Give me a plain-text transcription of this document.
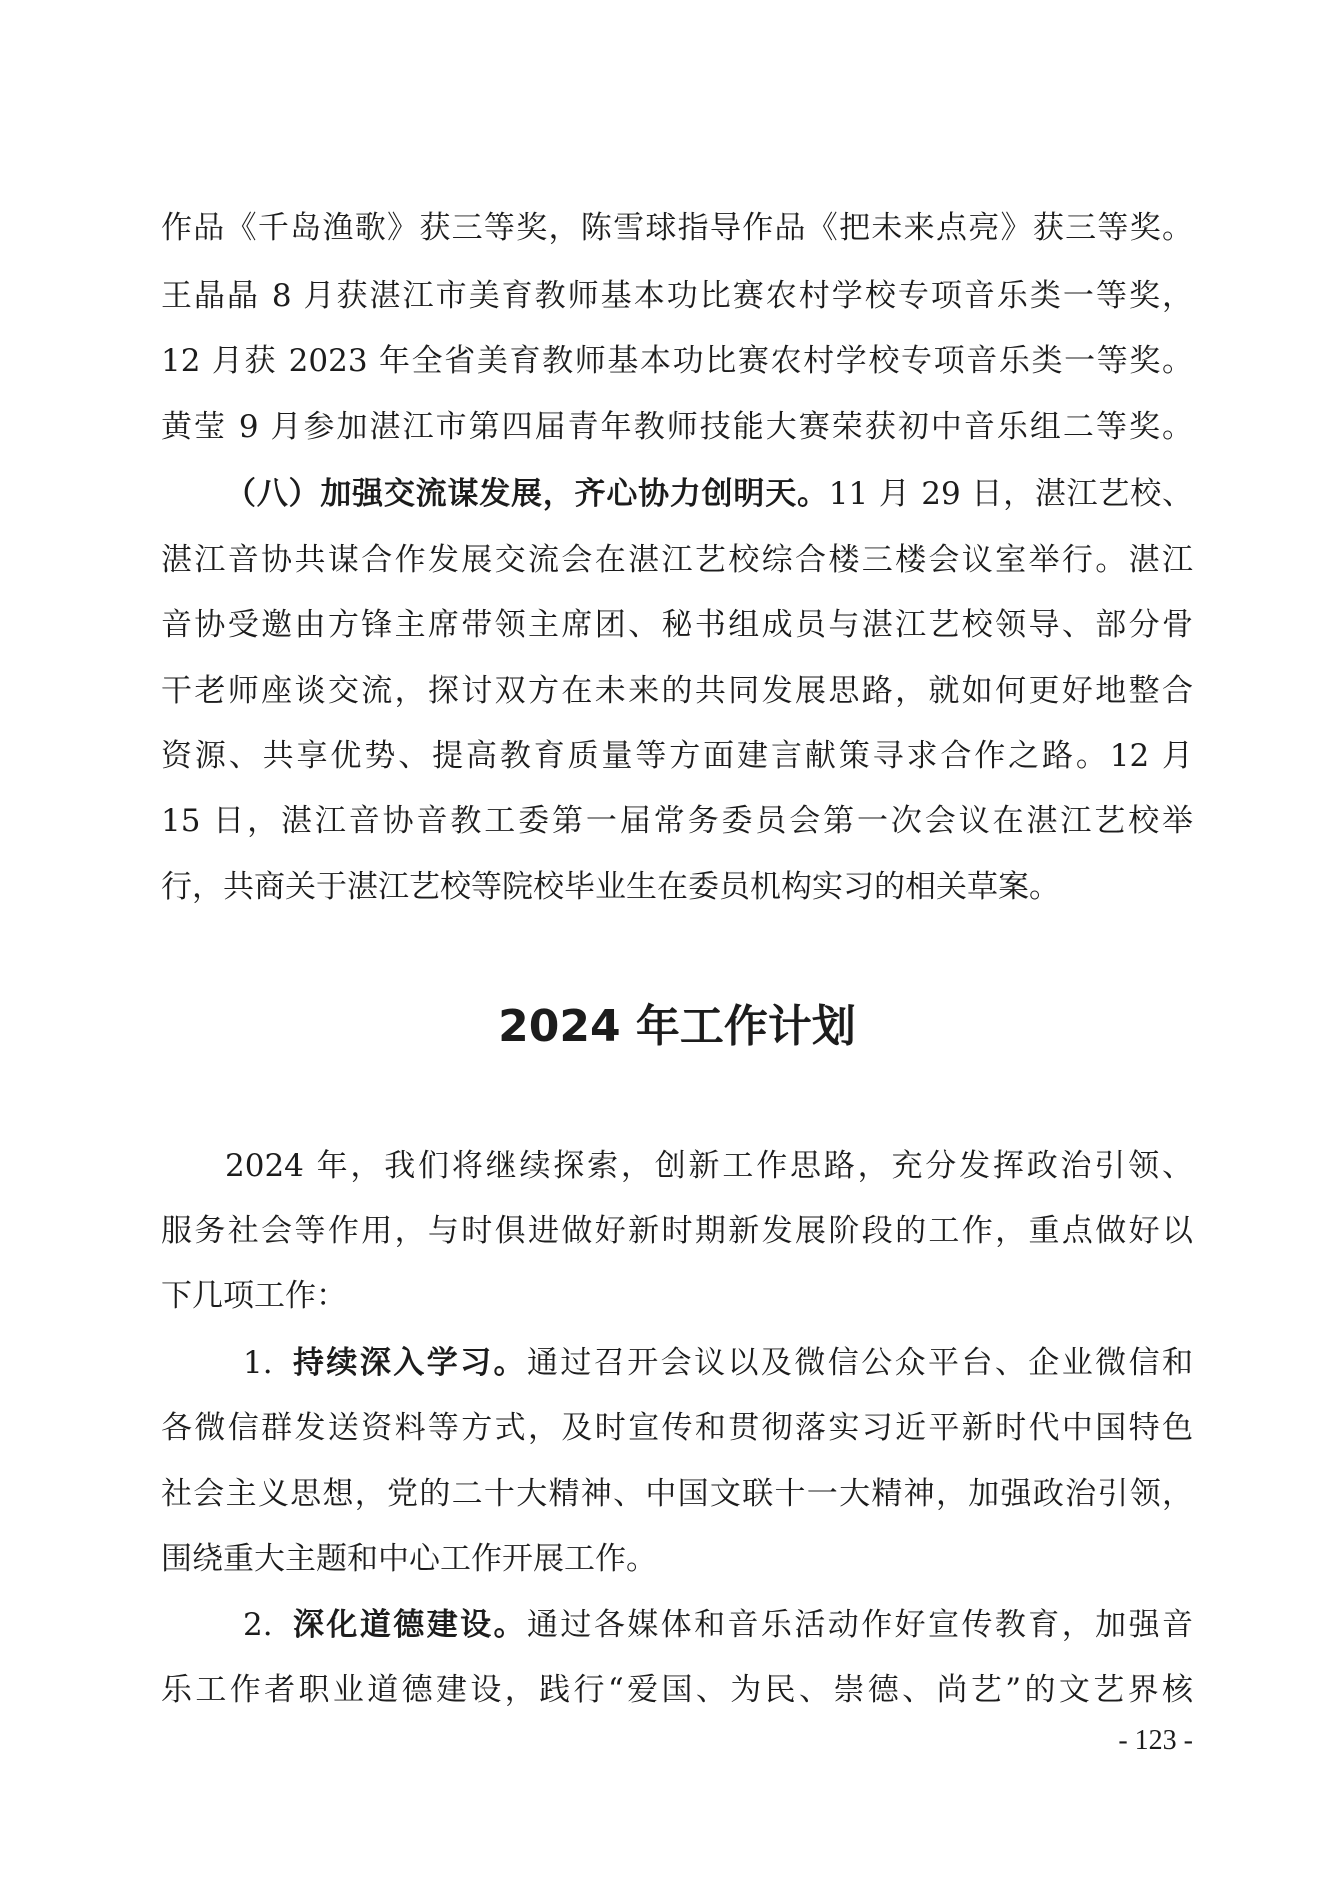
作品《千岛渔歌》获三等奖，陈雪球指导作品《把未来点亮》获三等奖。
王晶晶 8 月获湛江市美育教师基本功比赛农村学校专项音乐类一等奖，
12 月获 2023 年全省美育教师基本功比赛农村学校专项音乐类一等奖。
黄莹 9 月参加湛江市第四届青年教师技能大赛荣获初中音乐组二等奖。
（八）加强交流谋发展，齐心协力创明天。11 月 29 日，湛江艺校、
湛江音协共谋合作发展交流会在湛江艺校综合楼三楼会议室举行。湛江
音协受邀由方锋主席带领主席团、秘书组成员与湛江艺校领导、部分骨
干老师座谈交流，探讨双方在未来的共同发展思路，就如何更好地整合
资源、共享优势、提高教育质量等方面建言献策寻求合作之路。12 月
15 日，湛江音协音教工委第一届常务委员会第一次会议在湛江艺校举
行，共商关于湛江艺校等院校毕业生在委员机构实习的相关草案。
2024 年工作计划
2024 年，我们将继续探索，创新工作思路，充分发挥政治引领、
服务社会等作用，与时俱进做好新时期新发展阶段的工作，重点做好以
下几项工作：
1. 持续深入学习。通过召开会议以及微信公众平台、企业微信和
各微信群发送资料等方式，及时宣传和贯彻落实习近平新时代中国特色
社会主义思想，党的二十大精神、中国文联十一大精神，加强政治引领，
围绕重大主题和中心工作开展工作。
2. 深化道德建设。通过各媒体和音乐活动作好宣传教育，加强音
乐工作者职业道德建设，践行“爱国、为民、崇德、尚艺”的文艺界核
- 123 -
